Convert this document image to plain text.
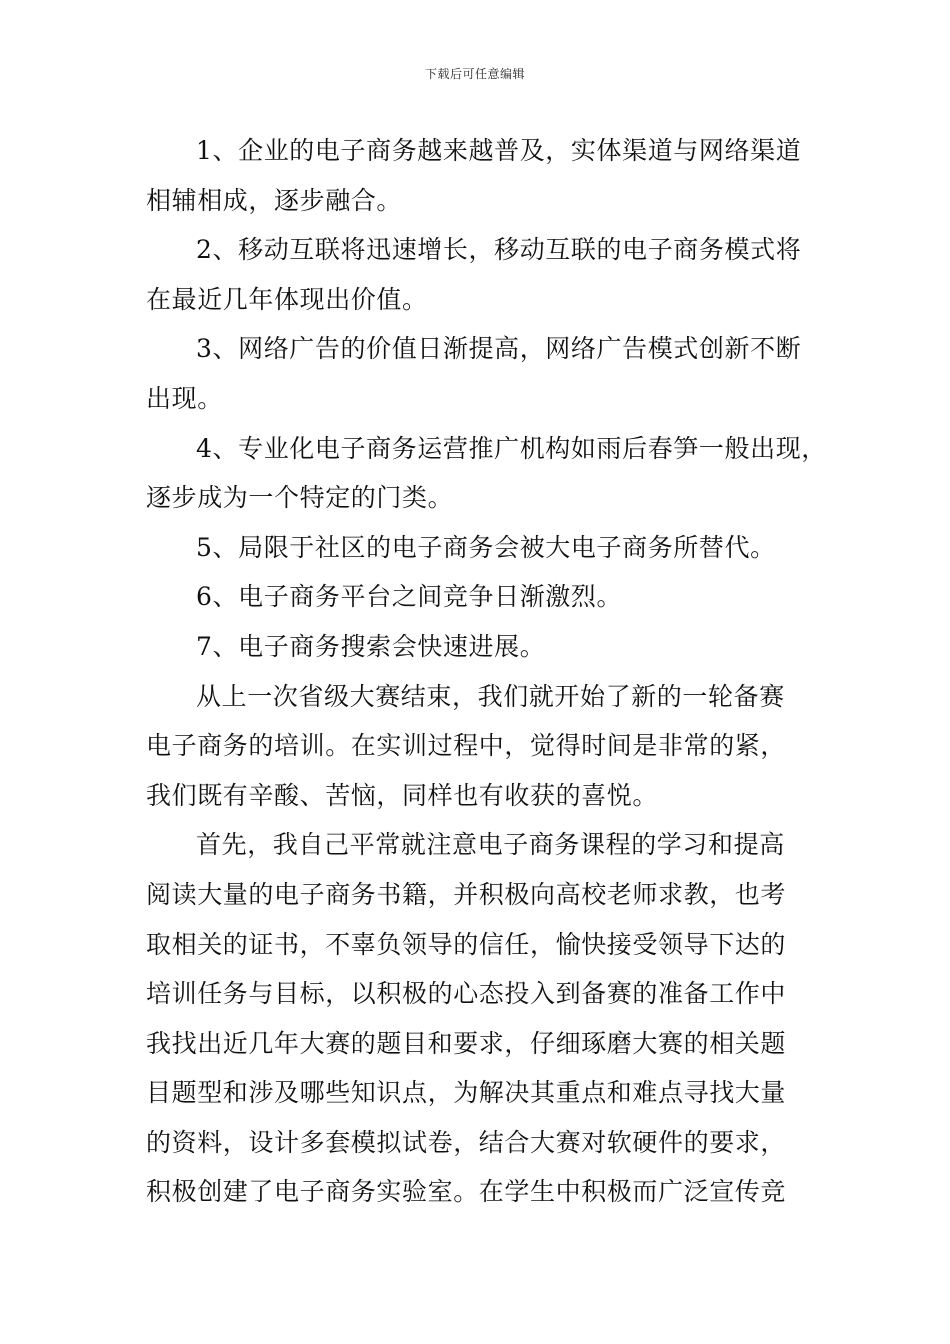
下载后可任意编辑
1、企业的电子商务越来越普及，实体渠道与网络渠道
相辅相成，逐步融合。
2、移动互联将迅速增长，移动互联的电子商务模式将
在最近几年体现出价值。
3、网络广告的价值日渐提高，网络广告模式创新不断
出现。
4、专业化电子商务运营推广机构如雨后春笋一般出现，
逐步成为一个特定的门类。
5、局限于社区的电子商务会被大电子商务所替代。
6、电子商务平台之间竞争日渐激烈。
7、电子商务搜索会快速进展。
从上一次省级大赛结束，我们就开始了新的一轮备赛
电子商务的培训。在实训过程中，觉得时间是非常的紧，
我们既有辛酸、苦恼，同样也有收获的喜悦。
首先，我自己平常就注意电子商务课程的学习和提高
阅读大量的电子商务书籍，并积极向高校老师求教，也考
取相关的证书，不辜负领导的信任，愉快接受领导下达的
培训任务与目标，以积极的心态投入到备赛的准备工作中
我找出近几年大赛的题目和要求，仔细琢磨大赛的相关题
目题型和涉及哪些知识点，为解决其重点和难点寻找大量
的资料，设计多套模拟试卷，结合大赛对软硬件的要求，
积极创建了电子商务实验室。在学生中积极而广泛宣传竞
